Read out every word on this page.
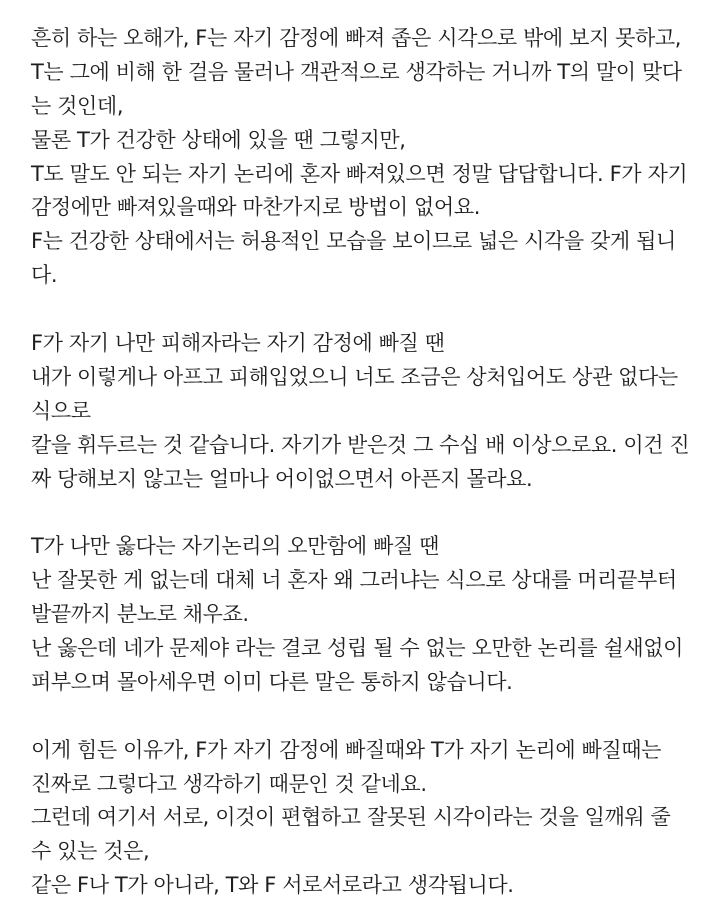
흔히 하는 오해가, F는 자기 감정에 빠져 좁은 시각으로 밖에 보지 못하고,
T는 그에 비해 한 걸음 물러나 객관적으로 생각하는 거니까 T의 말이 맞다
는 것인데,
물론 T가 건강한 상태에 있을 땐 그렇지만,
T도 말도 안 되는 자기 논리에 혼자 빠져있으면 정말 답답합니다. F가 자기
감정에만 빠져있을때와 마찬가지로 방법이 없어요.
F는 건강한 상태에서는 허용적인 모습을 보이므로 넓은 시각을 갖게 됩니
다.
F가 자기 나만 피해자라는 자기 감정에 빠질 땐
내가 이렇게나 아프고 피해입었으니 너도 조금은 상처입어도 상관 없다는
식으로
칼을 휘두르는 것 같습니다. 자기가 받은것 그 수십 배 이상으로요. 이건 진
짜 당해보지 않고는 얼마나 어이없으면서 아픈지 몰라요.
T가 나만 옳다는 자기논리의 오만함에 빠질 땐
난 잘못한 게 없는데 대체 너 혼자 왜 그러냐는 식으로 상대를 머리끝부터
발끝까지 분노로 채우죠.
난 옳은데 네가 문제야 라는 결코 성립 될 수 없는 오만한 논리를 쉴새없이
퍼부으며 몰아세우면 이미 다른 말은 통하지 않습니다.
이게 힘든 이유가, F가 자기 감정에 빠질때와 T가 자기 논리에 빠질때는
진짜로 그렇다고 생각하기 때문인 것 같네요.
그런데 여기서 서로, 이것이 편협하고 잘못된 시각이라는 것을 일깨워 줄
수 있는 것은,
같은 F나 T가 아니라, T와 F 서로서로라고 생각됩니다.
